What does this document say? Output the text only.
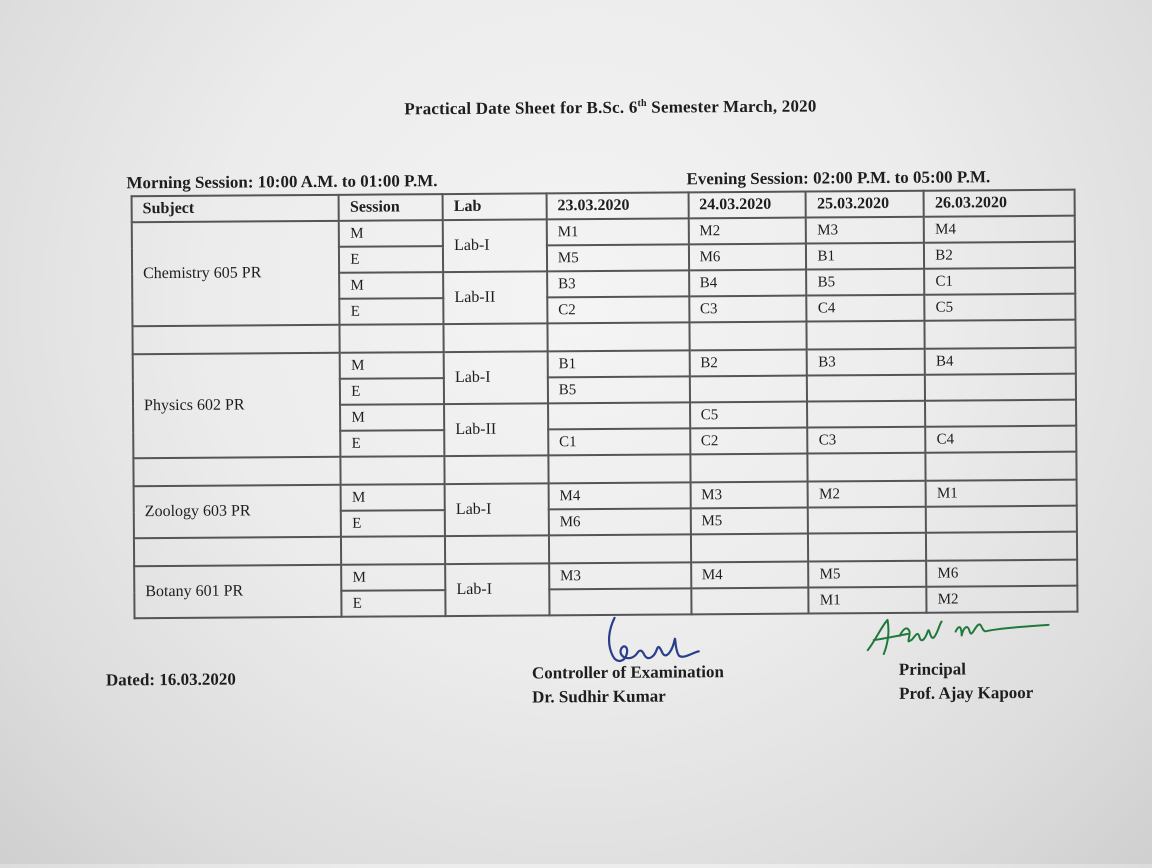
Practical Date Sheet for B.Sc. 6th Semester March, 2020
Morning Session: 10:00 A.M. to 01:00 P.M.	Evening Session: 02:00 P.M. to 05:00 P.M.
Subject	Session	Lab	23.03.2020	24.03.2020	25.03.2020	26.03.2020
Chemistry 605 PR	M	Lab-I	M1	M2	M3	M4
	E		M5	M6	B1	B2
	M	Lab-II	B3	B4	B5	C1
	E		C2	C3	C4	C5

Physics 602 PR	M	Lab-I	B1	B2	B3	B4
	E		B5			
	M	Lab-II		C5		
	E		C1	C2	C3	C4

Zoology 603 PR	M	Lab-I	M4	M3	M2	M1
	E		M6	M5		

Botany 601 PR	M	Lab-I	M3	M4	M5	M6
	E				M1	M2
Dated: 16.03.2020	Controller of Examination
Dr. Sudhir Kumar
Principal
Prof. Ajay Kapoor
